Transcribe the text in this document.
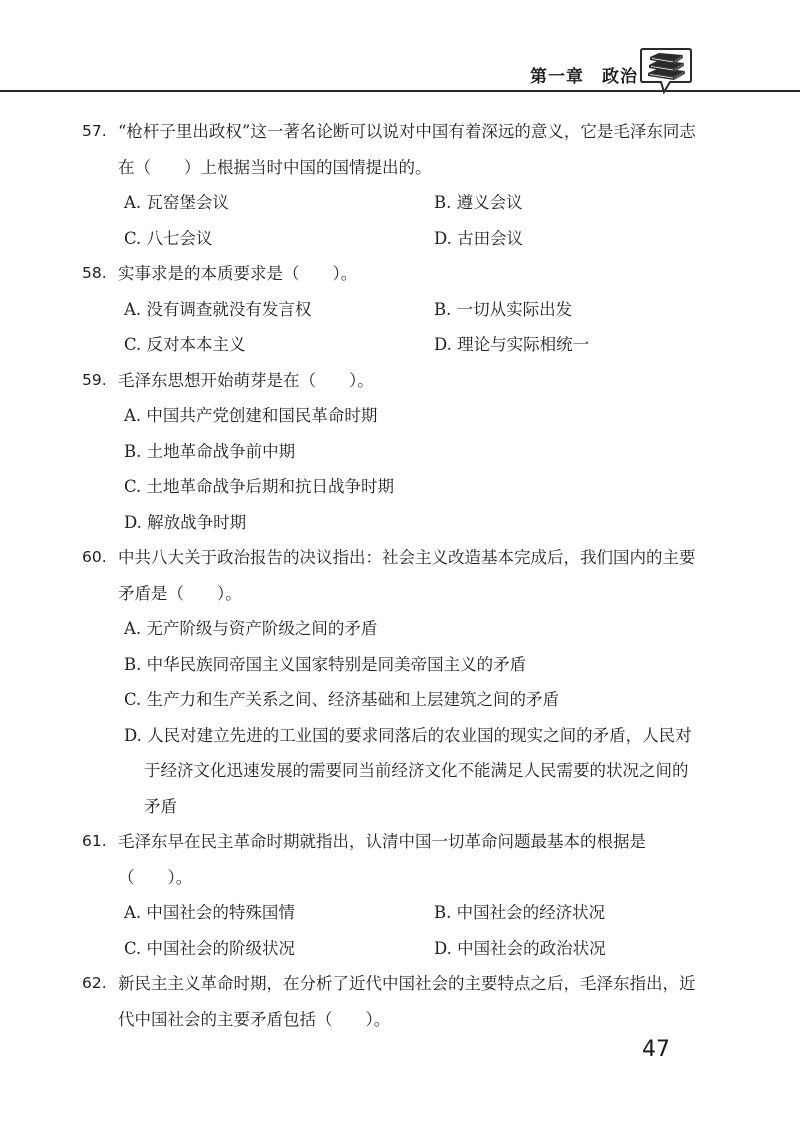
第一章　政治
57. “枪杆子里出政权”这一著名论断可以说对中国有着深远的意义，它是毛泽东同志在（　　）上根据当时中国的国情提出的。
A. 瓦窑堡会议	B. 遵义会议
C. 八七会议	D. 古田会议
58. 实事求是的本质要求是（　　）。
A. 没有调查就没有发言权	B. 一切从实际出发
C. 反对本本主义	D. 理论与实际相统一
59. 毛泽东思想开始萌芽是在（　　）。
A. 中国共产党创建和国民革命时期
B. 土地革命战争前中期
C. 土地革命战争后期和抗日战争时期
D. 解放战争时期
60. 中共八大关于政治报告的决议指出：社会主义改造基本完成后，我们国内的主要矛盾是（　　）。
A. 无产阶级与资产阶级之间的矛盾
B. 中华民族同帝国主义国家特别是同美帝国主义的矛盾
C. 生产力和生产关系之间、经济基础和上层建筑之间的矛盾
D. 人民对建立先进的工业国的要求同落后的农业国的现实之间的矛盾，人民对于经济文化迅速发展的需要同当前经济文化不能满足人民需要的状况之间的矛盾
61. 毛泽东早在民主革命时期就指出，认清中国一切革命问题最基本的根据是（　　）。
A. 中国社会的特殊国情	B. 中国社会的经济状况
C. 中国社会的阶级状况	D. 中国社会的政治状况
62. 新民主主义革命时期，在分析了近代中国社会的主要特点之后，毛泽东指出，近代中国社会的主要矛盾包括（　　）。
47
